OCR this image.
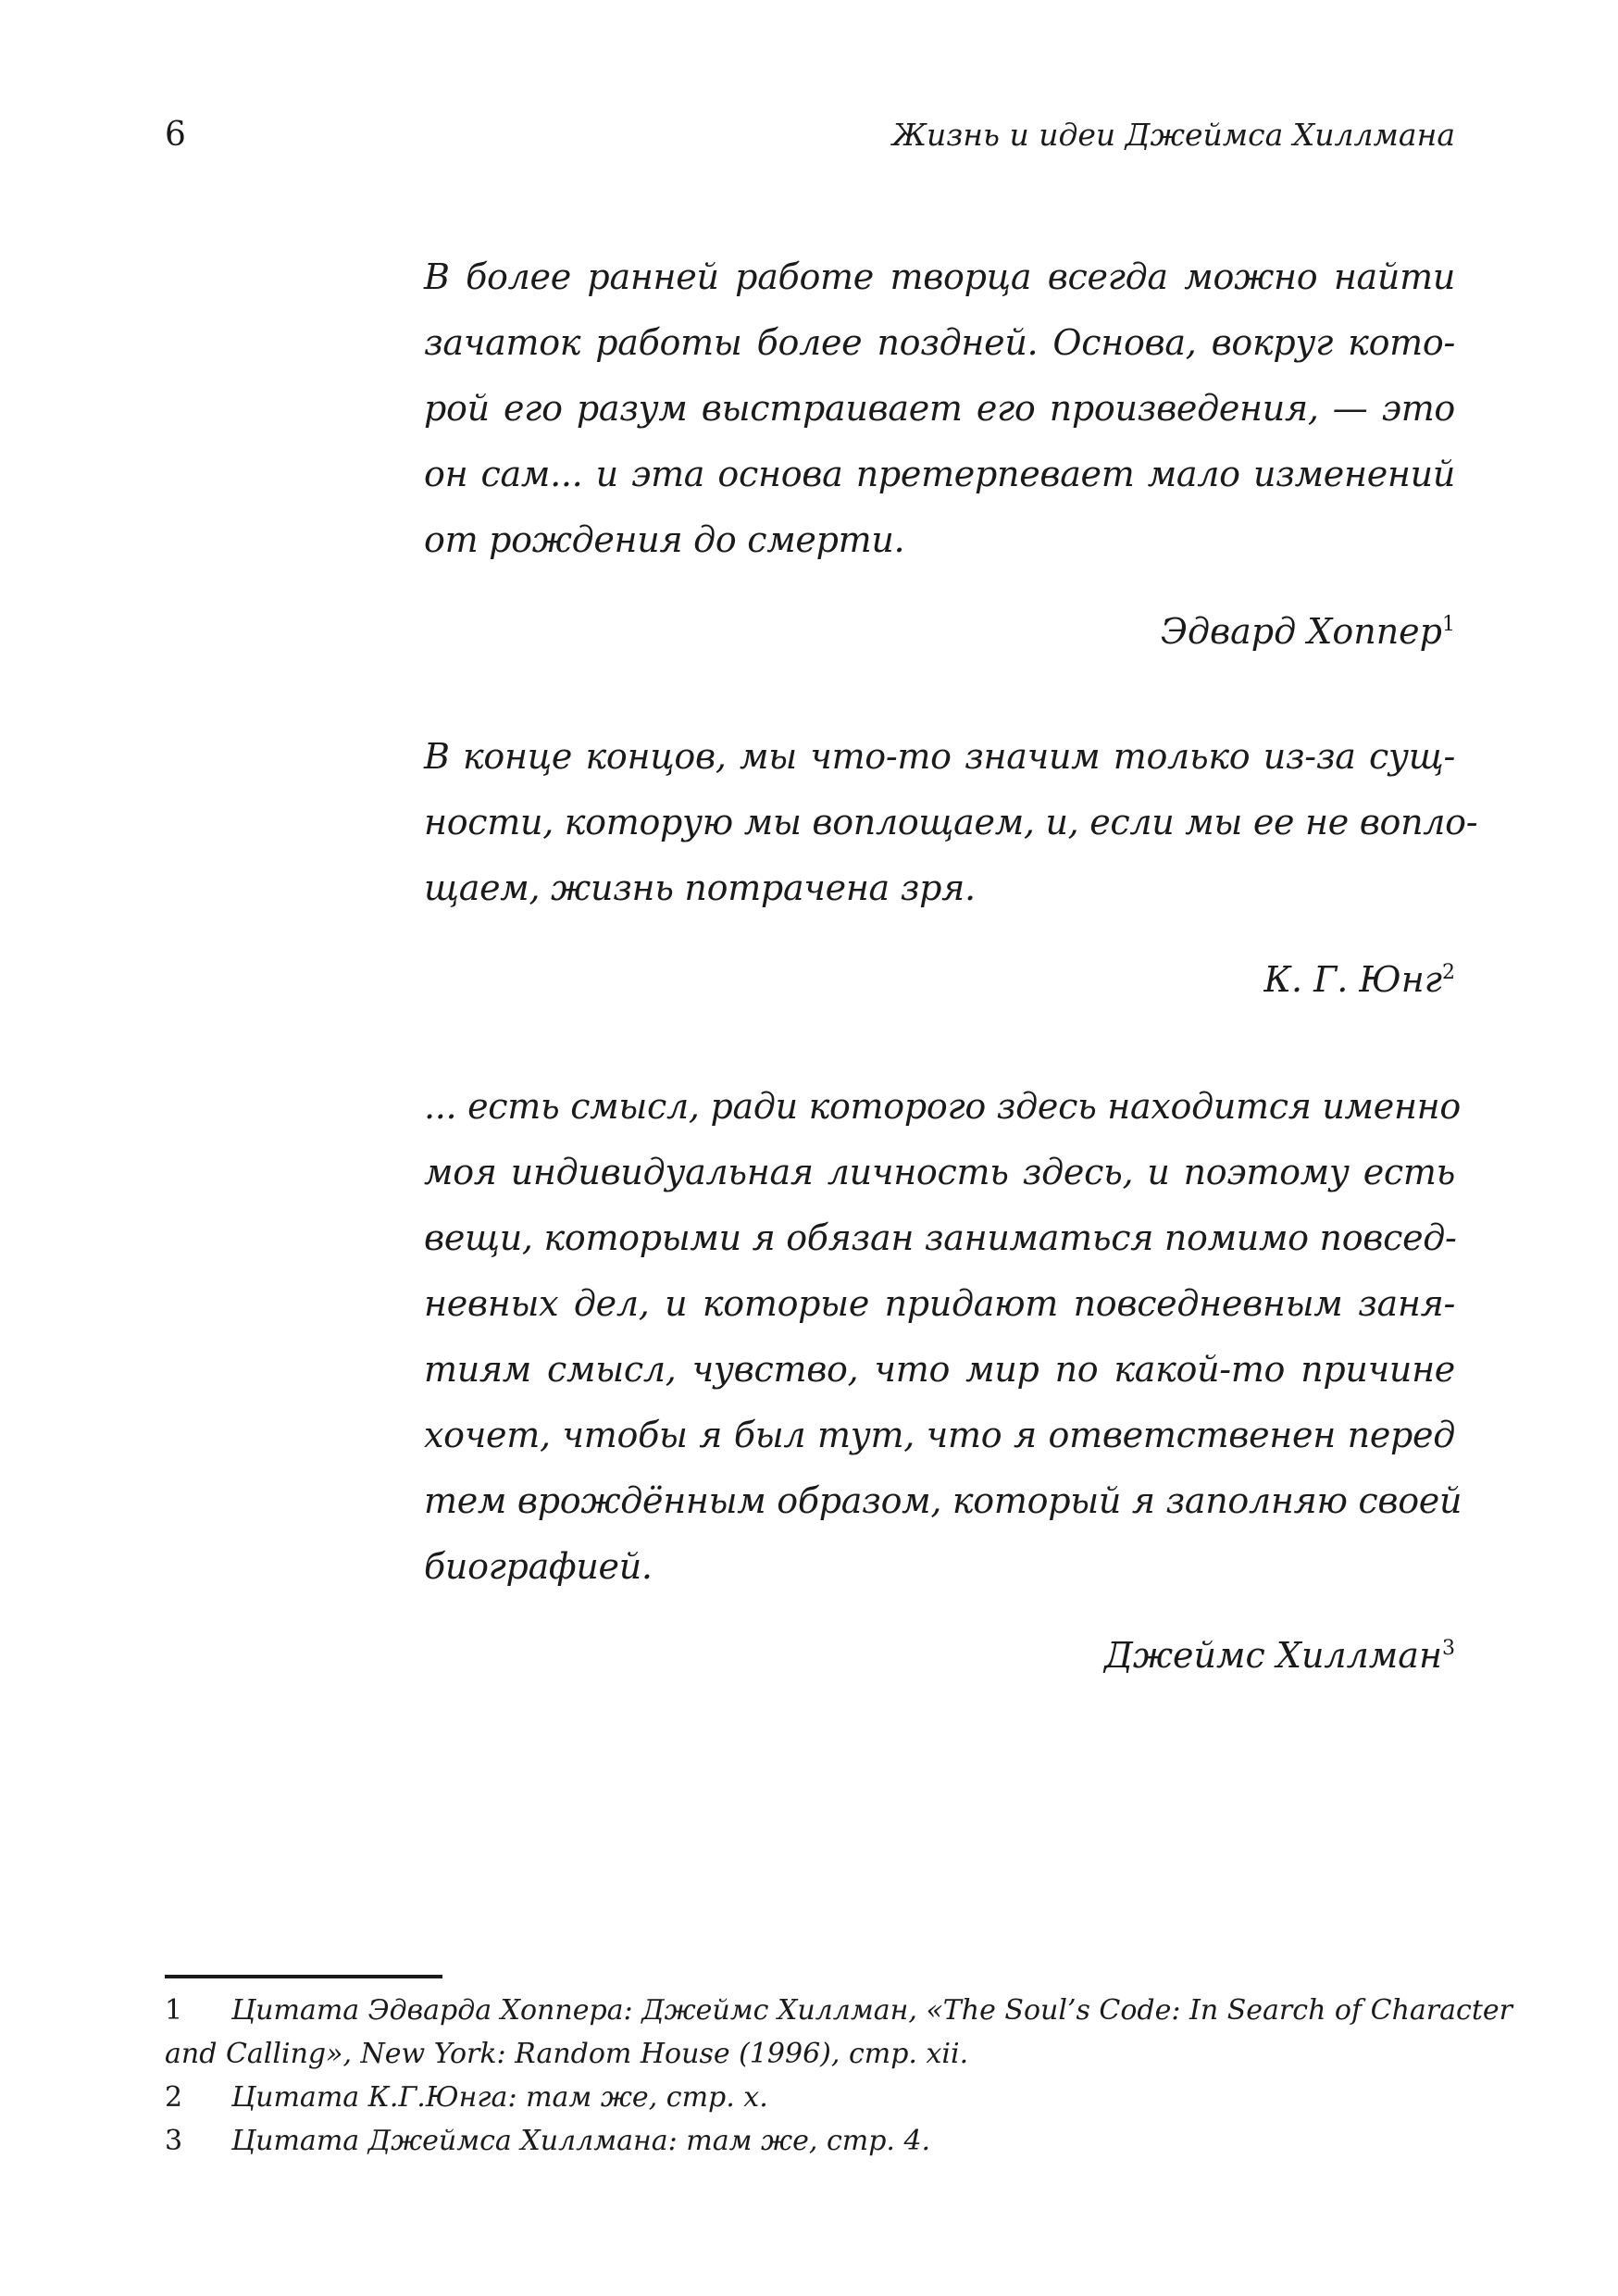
6	Жизнь и идеи Джеймса Хиллмана
В более ранней работе творца всегда можно найти
зачаток работы более поздней. Основа, вокруг кото-
рой его разум выстраивает его произведения, — это
он сам... и эта основа претерпевает мало изменений
от рождения до смерти.
Эдвард Хоппер$^1$
В конце концов, мы что-то значим только из-за сущ-
ности, которую мы воплощаем, и, если мы ее не вопло-
щаем, жизнь потрачена зря.
К. Г. Юнг$^2$
... есть смысл, ради которого здесь находится именно
моя индивидуальная личность здесь, и поэтому есть
вещи, которыми я обязан заниматься помимо повсед-
невных дел, и которые придают повседневным заня-
тиям смысл, чувство, что мир по какой-то причине
хочет, чтобы я был тут, что я ответственен перед
тем врождённым образом, который я заполняю своей
биографией.
Джеймс Хиллман$^3$
1 Цитата Эдварда Хоппера: Джеймс Хиллман, «The Soul’s Code: In Search of Character
and Calling», New York: Random House (1996), стр. xii.
2 Цитата К.Г.Юнга: там же, стр. x.
3 Цитата Джеймса Хиллмана: там же, стр. 4.
